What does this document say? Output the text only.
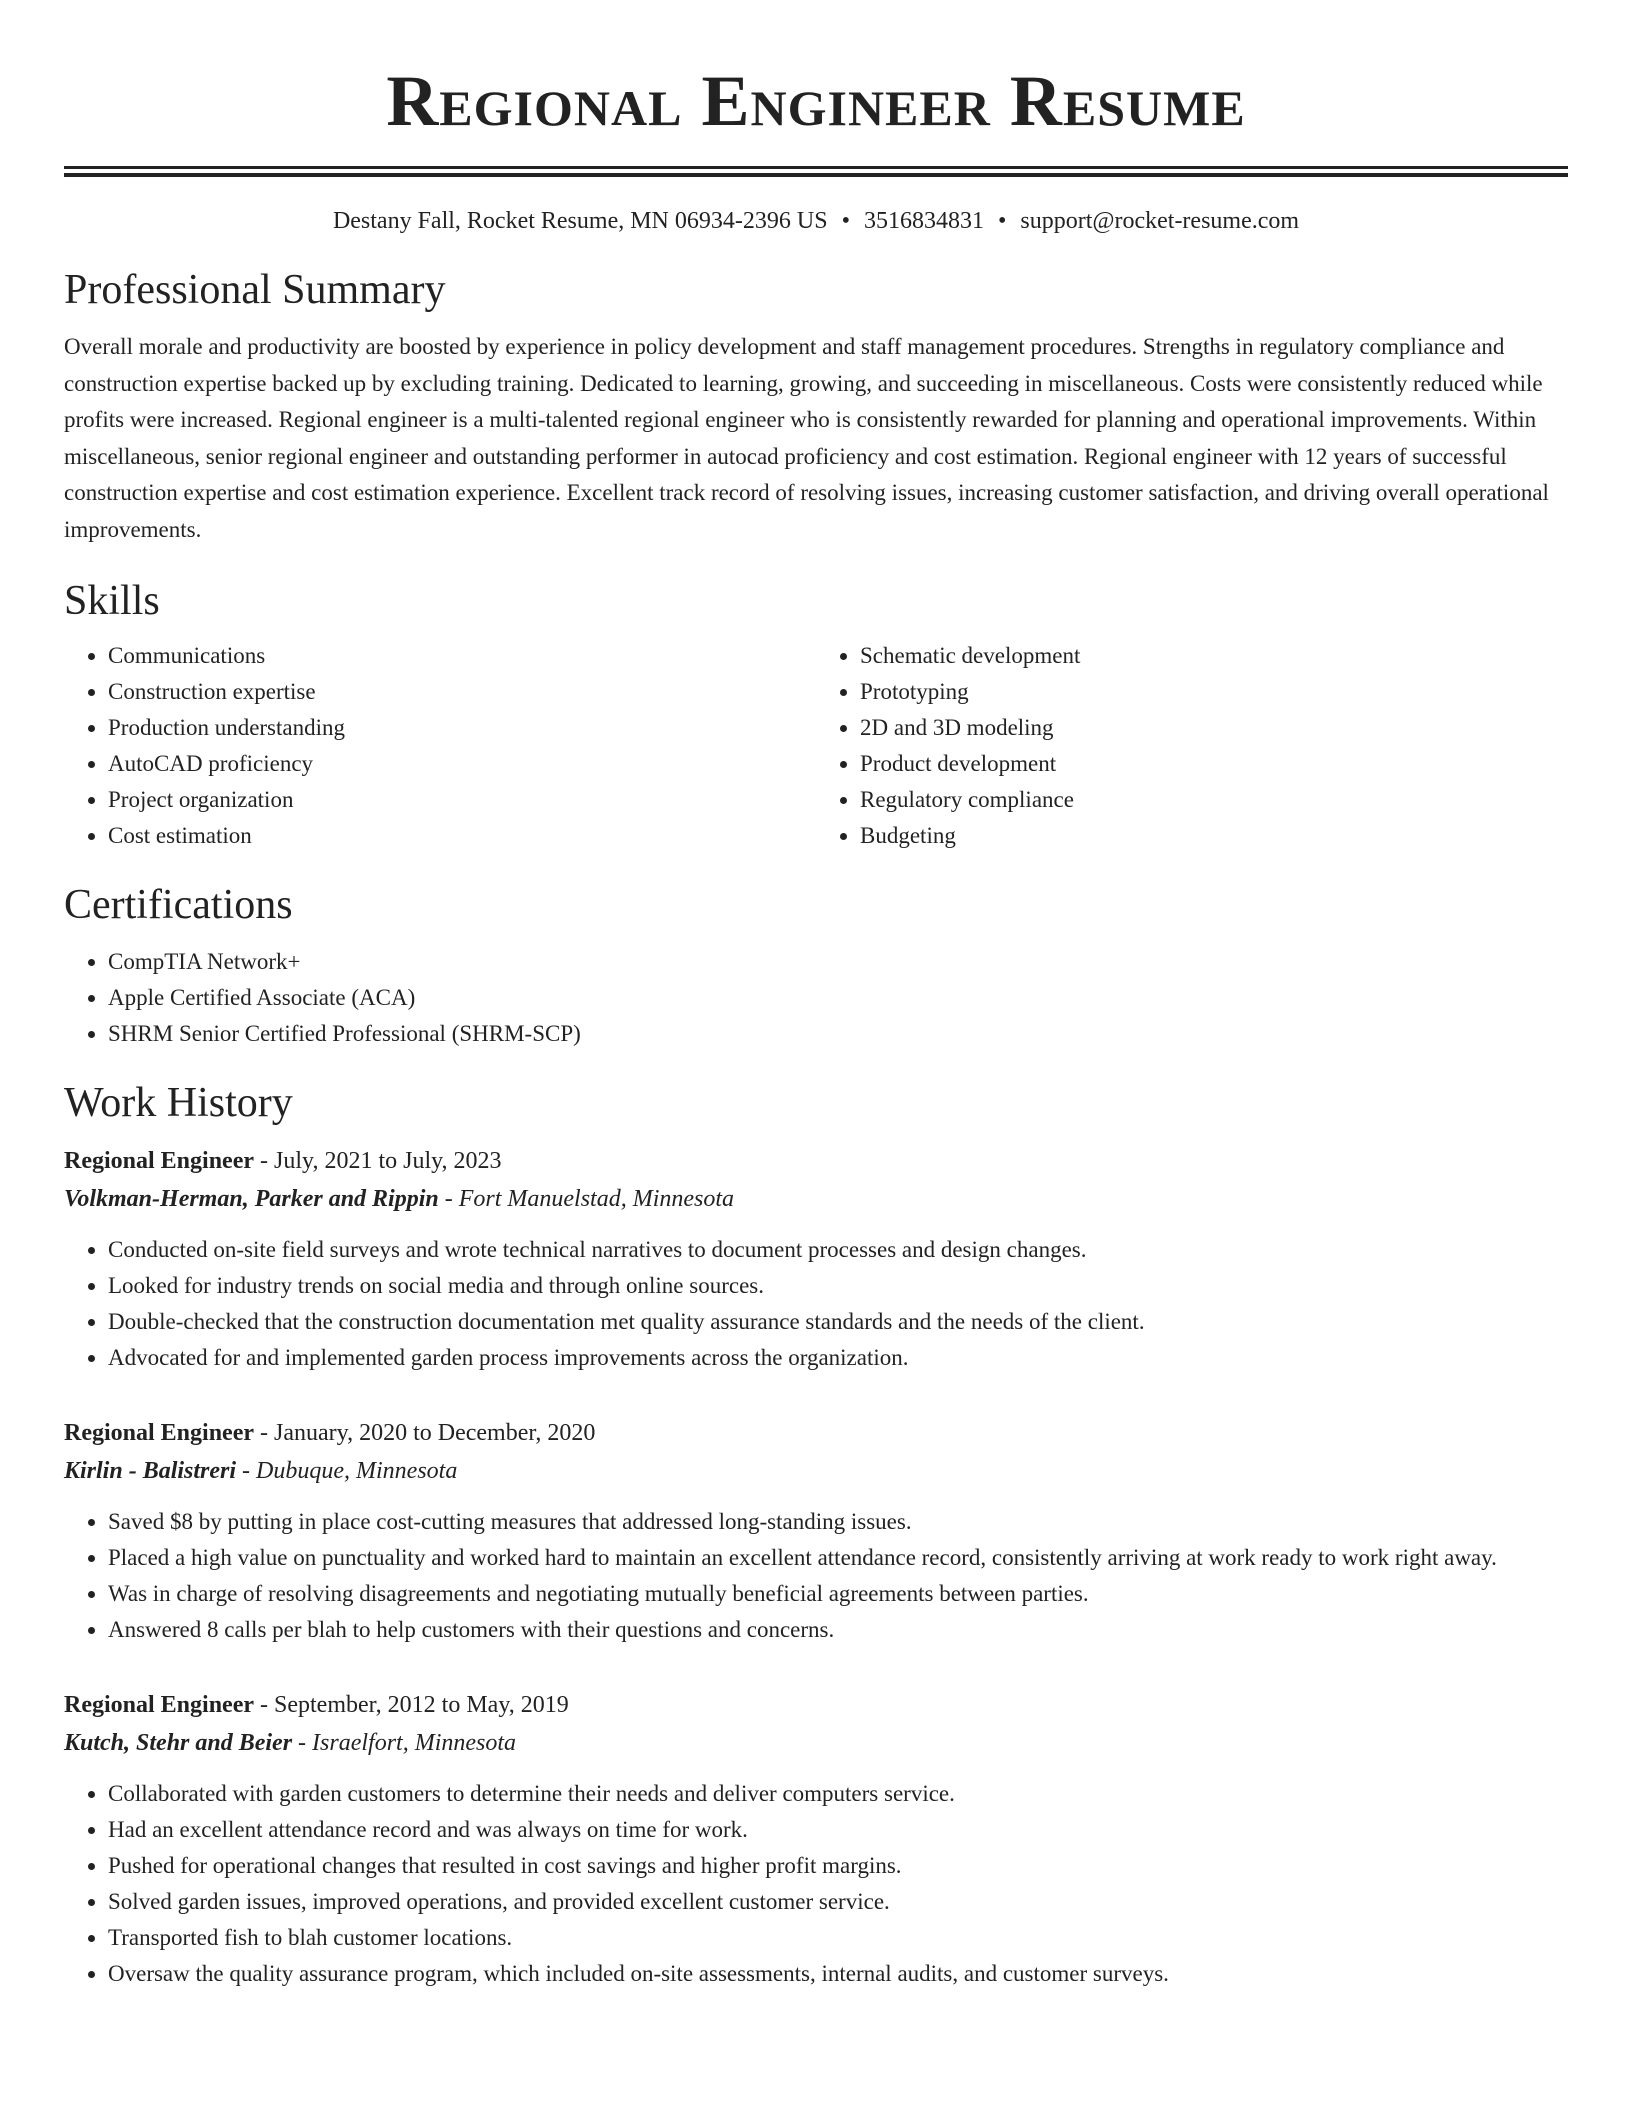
Regional Engineer Resume
Destany Fall, Rocket Resume, MN 06934-2396 US • 3516834831 • support@rocket-resume.com
Professional Summary

Overall morale and productivity are boosted by experience in policy development and staff management procedures. Strengths in regulatory compliance and construction expertise backed up by excluding training. Dedicated to learning, growing, and succeeding in miscellaneous. Costs were consistently reduced while profits were increased. Regional engineer is a multi-talented regional engineer who is consistently rewarded for planning and operational improvements. Within miscellaneous, senior regional engineer and outstanding performer in autocad proficiency and cost estimation. Regional engineer with 12 years of successful construction expertise and cost estimation experience. Excellent track record of resolving issues, increasing customer satisfaction, and driving overall operational improvements.

Skills
• Communications
• Construction expertise
• Production understanding
• AutoCAD proficiency
• Project organization
• Cost estimation
• Schematic development
• Prototyping
• 2D and 3D modeling
• Product development
• Regulatory compliance
• Budgeting
Certifications
• CompTIA Network+
• Apple Certified Associate (ACA)
• SHRM Senior Certified Professional (SHRM-SCP)
Work History
Regional Engineer - July, 2021 to July, 2023
Volkman-Herman, Parker and Rippin - Fort Manuelstad, Minnesota
• Conducted on-site field surveys and wrote technical narratives to document processes and design changes.
• Looked for industry trends on social media and through online sources.
• Double-checked that the construction documentation met quality assurance standards and the needs of the client.
• Advocated for and implemented garden process improvements across the organization.
Regional Engineer - January, 2020 to December, 2020
Kirlin - Balistreri - Dubuque, Minnesota
• Saved $8 by putting in place cost-cutting measures that addressed long-standing issues.
• Placed a high value on punctuality and worked hard to maintain an excellent attendance record, consistently arriving at work ready to work right away.
• Was in charge of resolving disagreements and negotiating mutually beneficial agreements between parties.
• Answered 8 calls per blah to help customers with their questions and concerns.
Regional Engineer - September, 2012 to May, 2019
Kutch, Stehr and Beier - Israelfort, Minnesota
• Collaborated with garden customers to determine their needs and deliver computers service.
• Had an excellent attendance record and was always on time for work.
• Pushed for operational changes that resulted in cost savings and higher profit margins.
• Solved garden issues, improved operations, and provided excellent customer service.
• Transported fish to blah customer locations.
• Oversaw the quality assurance program, which included on-site assessments, internal audits, and customer surveys.
